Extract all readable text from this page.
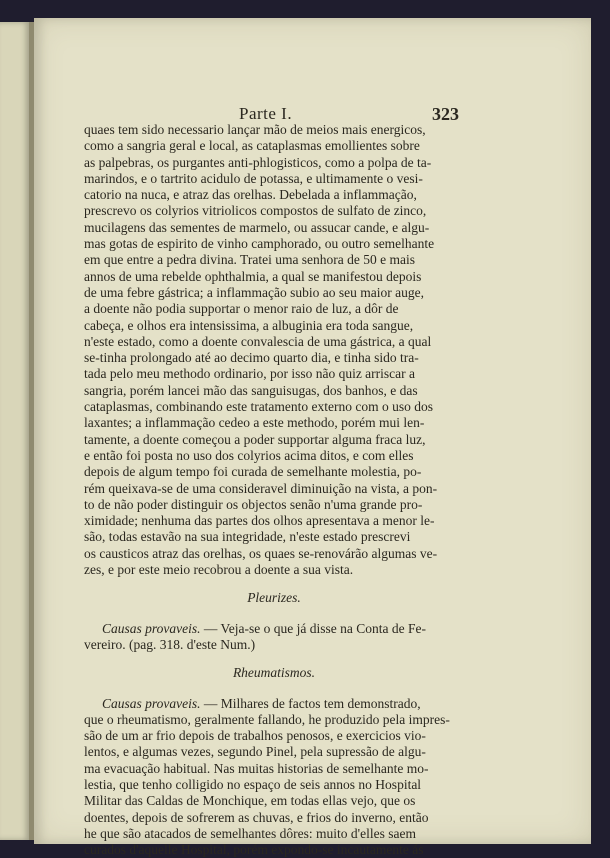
Parte I.	323
quaes tem sido necessario lançar mão de meios mais energicos,
como a sangria geral e local, as cataplasmas emollientes sobre
as palpebras, os purgantes anti-phlogisticos, como a polpa de ta-
marindos, e o tartrito acidulo de potassa, e ultimamente o vesi-
catorio na nuca, e atraz das orelhas. Debelada a inflammação,
prescrevo os colyrios vitriolicos compostos de sulfato de zinco,
mucilagens das sementes de marmelo, ou assucar cande, e algu-
mas gotas de espirito de vinho camphorado, ou outro semelhante
em que entre a pedra divina. Tratei uma senhora de 50 e mais
annos de uma rebelde ophthalmia, a qual se manifestou depois
de uma febre gástrica; a inflammação subio ao seu maior auge,
a doente não podia supportar o menor raio de luz, a dôr de
cabeça, e olhos era intensissima, a albuginia era toda sangue,
n'este estado, como a doente convalescia de uma gástrica, a qual
se-tinha prolongado até ao decimo quarto dia, e tinha sido tra-
tada pelo meu methodo ordinario, por isso não quiz arriscar a
sangria, porém lancei mão das sanguisugas, dos banhos, e das
cataplasmas, combinando este tratamento externo com o uso dos
laxantes; a inflammação cedeo a este methodo, porém mui len-
tamente, a doente começou a poder supportar alguma fraca luz,
e então foi posta no uso dos colyrios acima ditos, e com elles
depois de algum tempo foi curada de semelhante molestia, po-
rém queixava-se de uma consideravel diminuição na vista, a pon-
to de não poder distinguir os objectos senão n'uma grande pro-
ximidade; nenhuma das partes dos olhos apresentava a menor le-
são, todas estavão na sua integridade, n'este estado prescrevi
os causticos atraz das orelhas, os quaes se-renovárão algumas ve-
zes, e por este meio recobrou a doente a sua vista.
Pleurizes.
Causas provaveis. — Veja-se o que já disse na Conta de Fe-
vereiro. (pag. 318. d'este Num.)
Rheumatismos.
Causas provaveis. — Milhares de factos tem demonstrado,
que o rheumatismo, geralmente fallando, he produzido pela impres-
são de um ar frio depois de trabalhos penosos, e exercicios vio-
lentos, e algumas vezes, segundo Pinel, pela supressão de algu-
ma evacuação habitual. Nas muitas historias de semelhante mo-
lestia, que tenho colligido no espaço de seis annos no Hospital
Militar das Caldas de Monchique, em todas ellas vejo, que os
doentes, depois de sofrerem as chuvas, e frios do inverno, então
he que são atacados de semelhantes dôres: muito d'elles saem
curados d'aquelle Hospital, porém expondo-se incautamente ás
